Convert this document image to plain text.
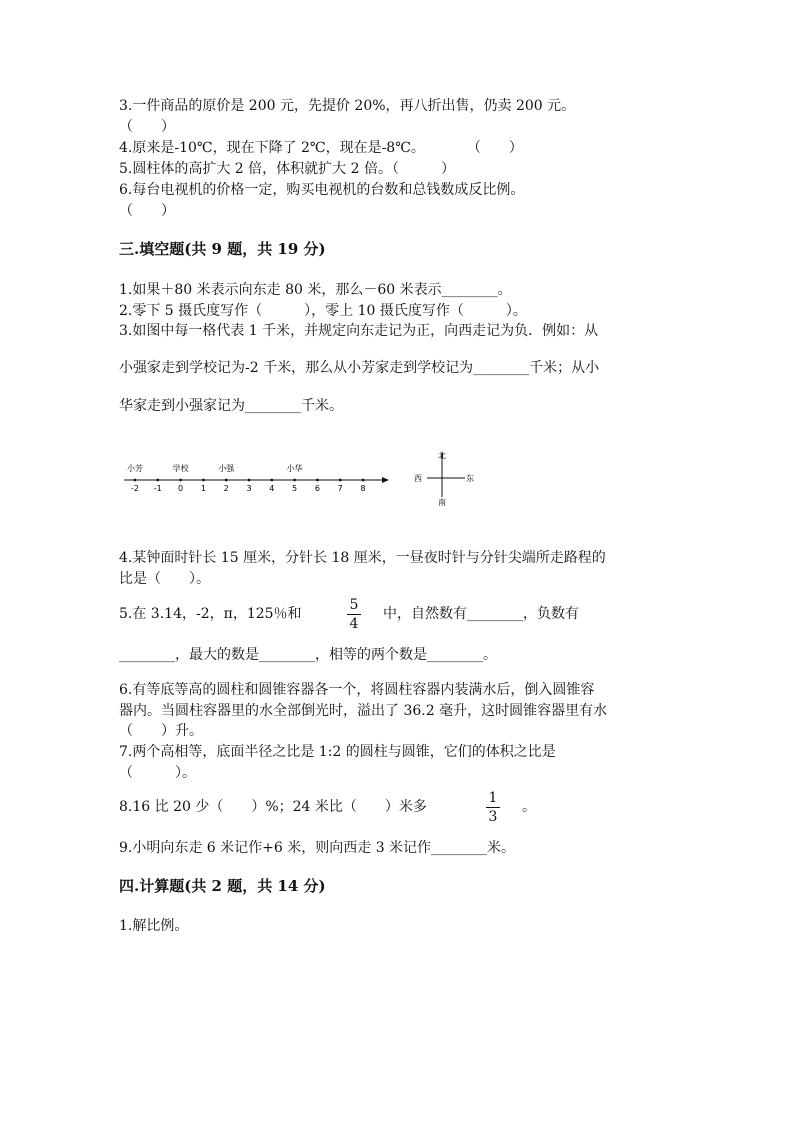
3.一件商品的原价是 200 元，先提价 20%，再八折出售，仍卖 200 元。
（　　）
4.原来是-10℃，现在下降了 2℃，现在是-8℃。　　　　（　　）
5.圆柱体的高扩大 2 倍，体积就扩大 2 倍。（　　　）
6.每台电视机的价格一定，购买电视机的台数和总钱数成反比例。
（　　）
三.填空题(共 9 题，共 19 分)
1.如果＋80 米表示向东走 80 米，那么－60 米表示________。
2.零下 5 摄氏度写作（　　　），零上 10 摄氏度写作（　　　）。
3.如图中每一格代表 1 千米，并规定向东走记为正，向西走记为负．例如：从
小强家走到学校记为-2 千米，那么从小芳家走到学校记为________千米；从小
华家走到小强家记为________千米。
-2 -1 0 1 2 3 4 5 6 7 8
小芳	学校	小强	小华
北
南
西	东
4.某钟面时针长 15 厘米，分针长 18 厘米，一昼夜时针与分针尖端所走路程的
比是（　　）。
5.在 3.14，-2，π，125％和
5
4
中，自然数有________，负数有
________，最大的数是________，相等的两个数是________。
6.有等底等高的圆柱和圆锥容器各一个，将圆柱容器内装满水后，倒入圆锥容
器内。当圆柱容器里的水全部倒光时，溢出了 36.2 毫升，这时圆锥容器里有水
（　　）升。
7.两个高相等，底面半径之比是 1:2 的圆柱与圆锥，它们的体积之比是
（　　　）。
8.16 比 20 少（　　）%；24 米比（　　）米多
1
3
。
9.小明向东走 6 米记作+6 米，则向西走 3 米记作________米。
四.计算题(共 2 题，共 14 分)
1.解比例。
